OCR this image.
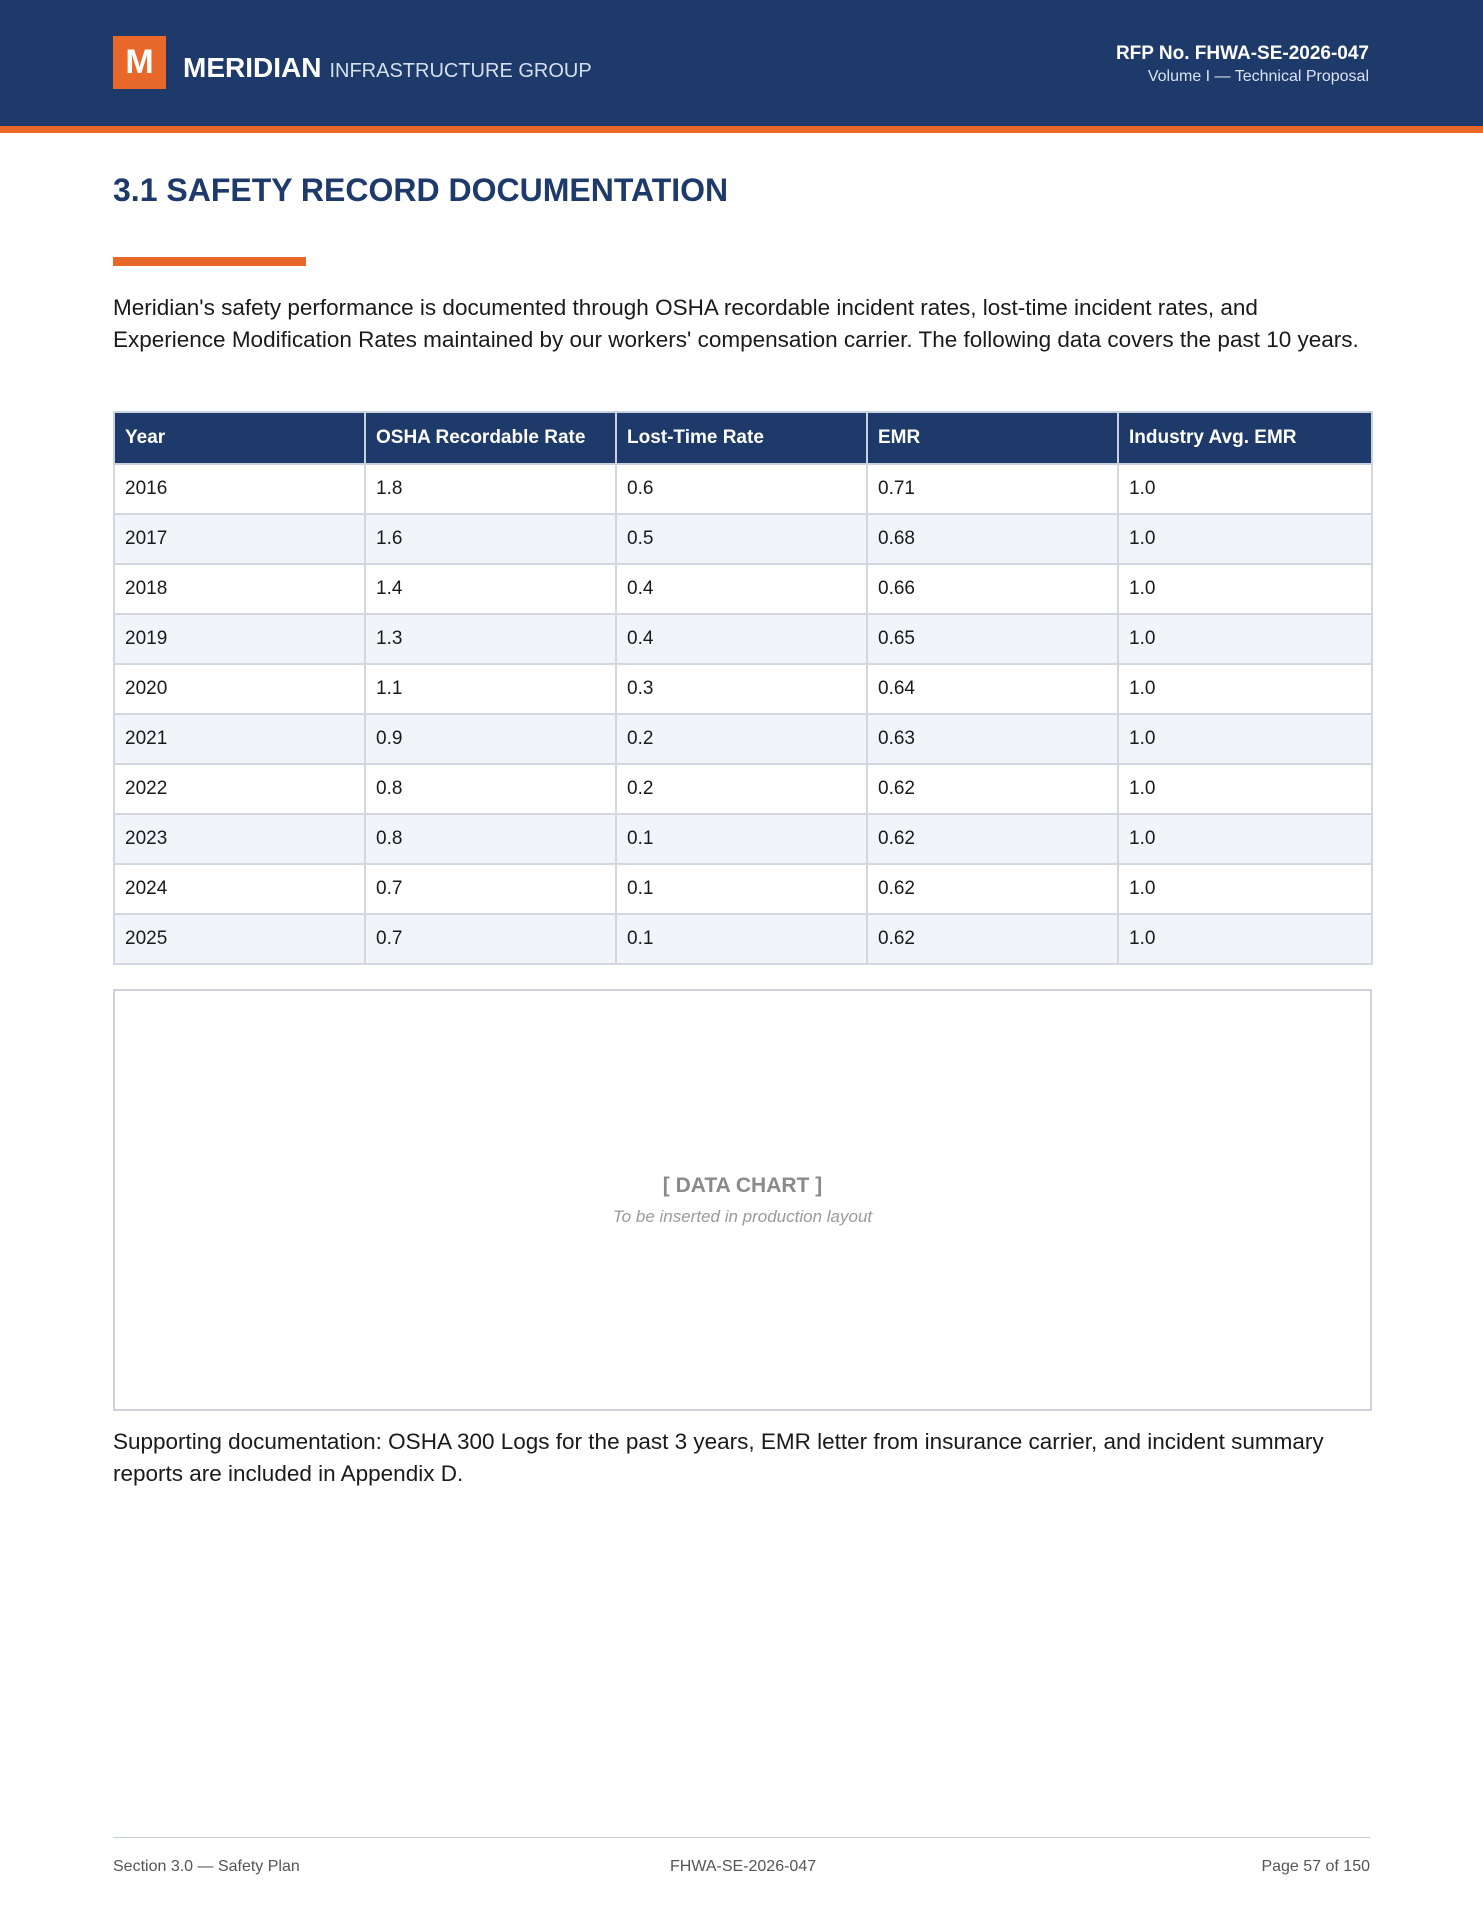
M	MERIDIAN INFRASTRUCTURE GROUP
RFP No. FHWA-SE-2026-047
Volume I — Technical Proposal
3.1 SAFETY RECORD DOCUMENTATION
Meridian's safety performance is documented through OSHA recordable incident rates, lost-time incident rates, and Experience Modification Rates maintained by our workers' compensation carrier. The following data covers the past 10 years.
Year	OSHA Recordable Rate	Lost-Time Rate	EMR	Industry Avg. EMR
2016	1.8	0.6	0.71	1.0
2017	1.6	0.5	0.68	1.0
2018	1.4	0.4	0.66	1.0
2019	1.3	0.4	0.65	1.0
2020	1.1	0.3	0.64	1.0
2021	0.9	0.2	0.63	1.0
2022	0.8	0.2	0.62	1.0
2023	0.8	0.1	0.62	1.0
2024	0.7	0.1	0.62	1.0
2025	0.7	0.1	0.62	1.0
[ DATA CHART ]
To be inserted in production layout
Supporting documentation: OSHA 300 Logs for the past 3 years, EMR letter from insurance carrier, and incident summary reports are included in Appendix D.
Section 3.0 — Safety Plan	FHWA-SE-2026-047	Page 57 of 150
